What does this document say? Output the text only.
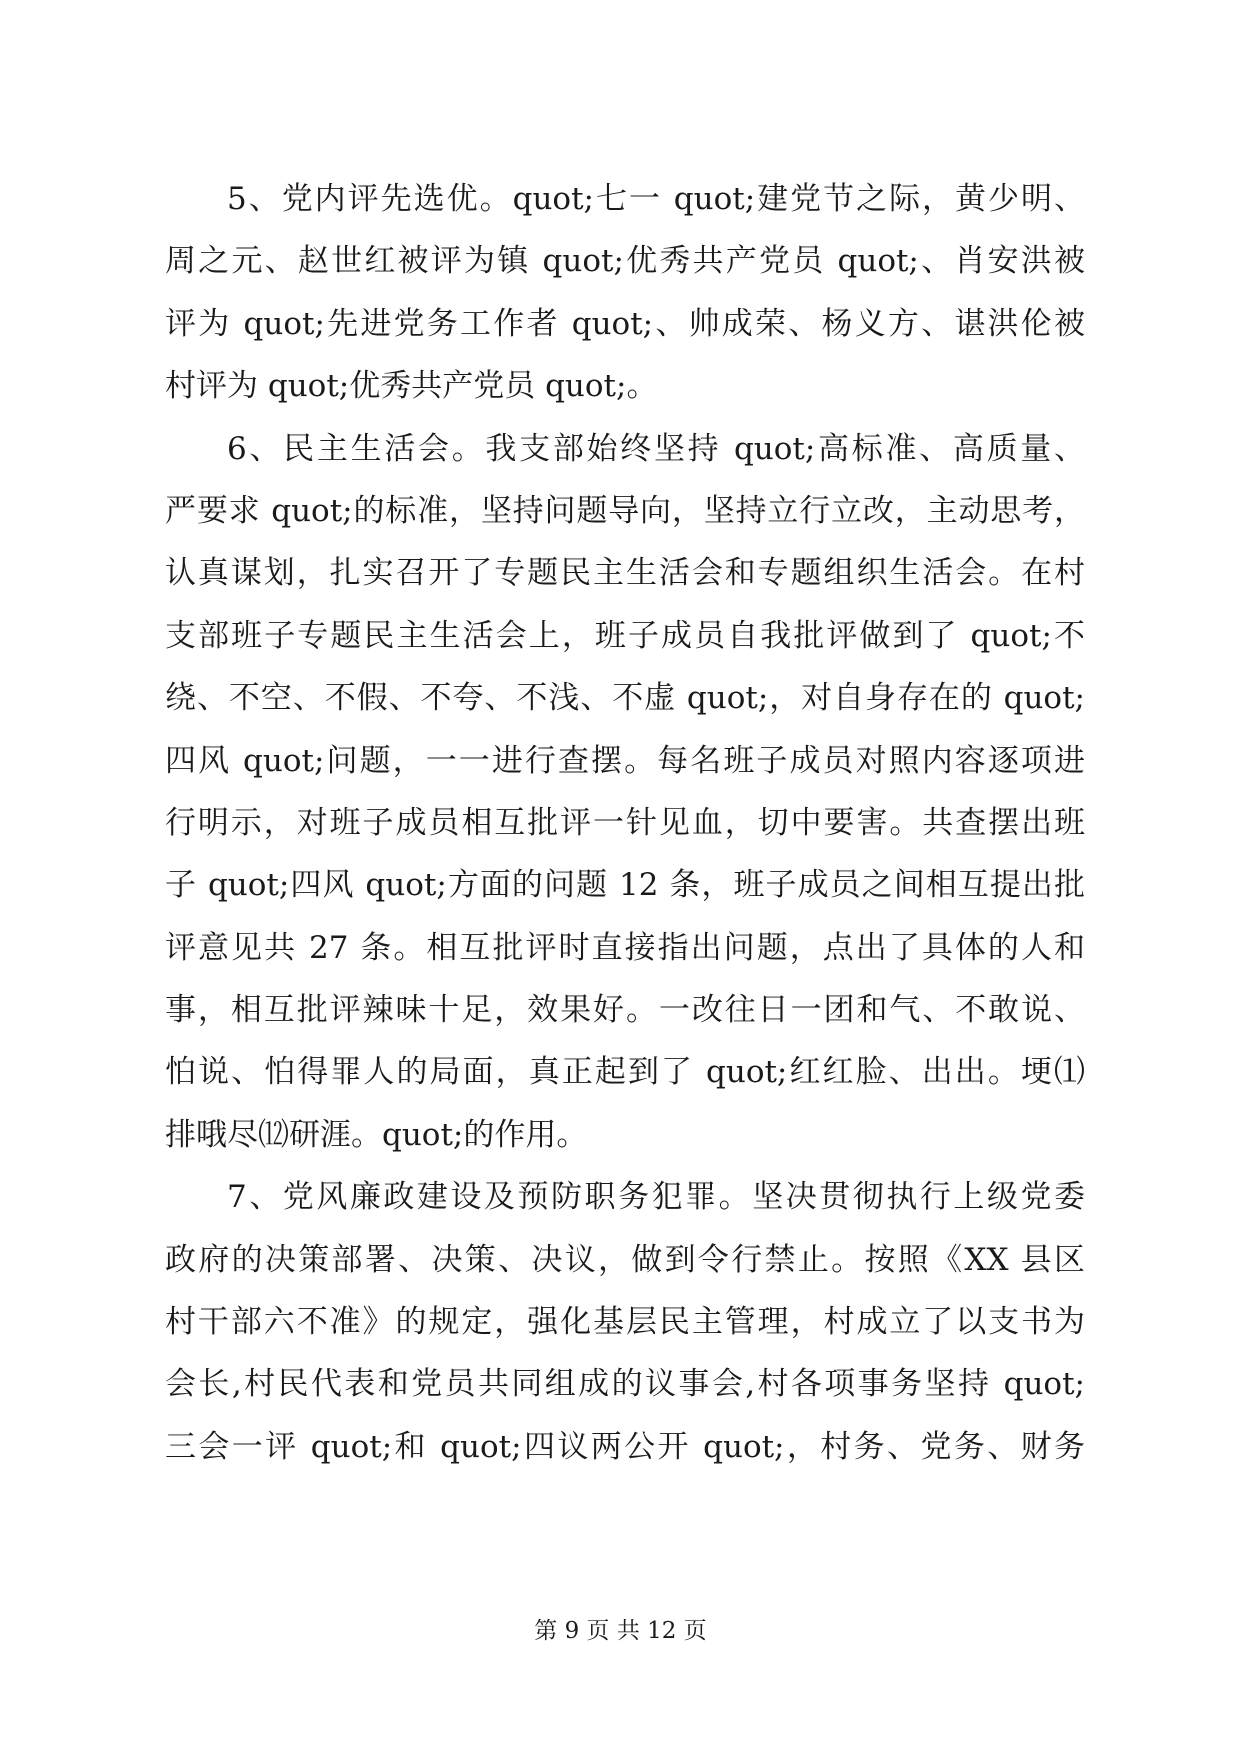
5、党内评先选优。quot;七一 quot;建党节之际，黄少明、
周之元、赵世红被评为镇 quot;优秀共产党员 quot;、肖安洪被
评为 quot;先进党务工作者 quot;、帅成荣、杨义方、谌洪伦被
村评为 quot;优秀共产党员 quot;。
6、民主生活会。我支部始终坚持 quot;高标准、高质量、
严要求 quot;的标准，坚持问题导向，坚持立行立改，主动思考，
认真谋划，扎实召开了专题民主生活会和专题组织生活会。在村
支部班子专题民主生活会上，班子成员自我批评做到了 quot;不
绕、不空、不假、不夸、不浅、不虚 quot;，对自身存在的 quot;
四风 quot;问题，一一进行查摆。每名班子成员对照内容逐项进
行明示，对班子成员相互批评一针见血，切中要害。共查摆出班
子 quot;四风 quot;方面的问题 12 条，班子成员之间相互提出批
评意见共 27 条。相互批评时直接指出问题，点出了具体的人和
事，相互批评辣味十足，效果好。一改往日一团和气、不敢说、
怕说、怕得罪人的局面，真正起到了 quot;红红脸、出出。埂⑴
排哦尽⑿研涯。quot;的作用。
7、党风廉政建设及预防职务犯罪。坚决贯彻执行上级党委
政府的决策部署、决策、决议，做到令行禁止。按照《XX 县区
村干部六不准》的规定，强化基层民主管理，村成立了以支书为
会长,村民代表和党员共同组成的议事会,村各项事务坚持 quot;
三会一评 quot;和 quot;四议两公开 quot;，村务、党务、财务
第 9 页 共 12 页
